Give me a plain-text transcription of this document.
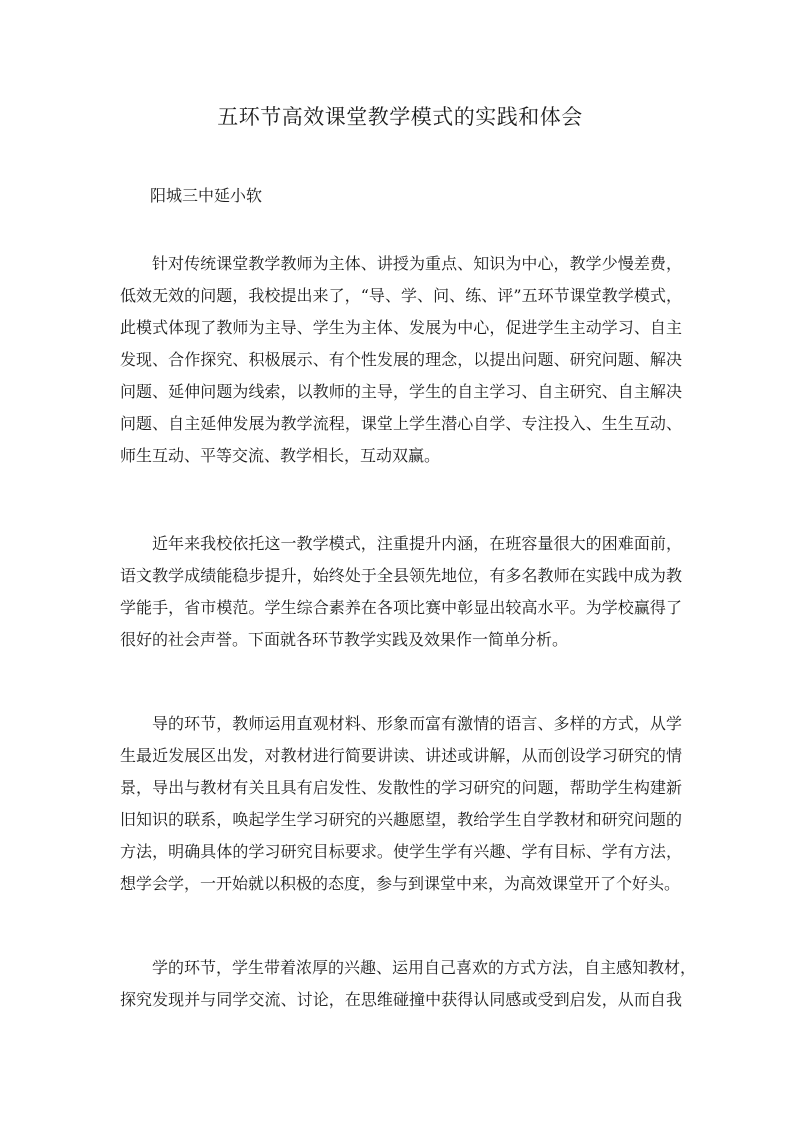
五环节高效课堂教学模式的实践和体会
阳城三中延小软
针对传统课堂教学教师为主体、讲授为重点、知识为中心，教学少慢差费，
低效无效的问题，我校提出来了，“导、学、问、练、评”五环节课堂教学模式，
此模式体现了教师为主导、学生为主体、发展为中心，促进学生主动学习、自主
发现、合作探究、积极展示、有个性发展的理念，以提出问题、研究问题、解决
问题、延伸问题为线索，以教师的主导，学生的自主学习、自主研究、自主解决
问题、自主延伸发展为教学流程，课堂上学生潜心自学、专注投入、生生互动、
师生互动、平等交流、教学相长，互动双赢。
近年来我校依托这一教学模式，注重提升内涵，在班容量很大的困难面前，
语文教学成绩能稳步提升，始终处于全县领先地位，有多名教师在实践中成为教
学能手，省市模范。学生综合素养在各项比赛中彰显出较高水平。为学校赢得了
很好的社会声誉。下面就各环节教学实践及效果作一简单分析。
导的环节，教师运用直观材料、形象而富有激情的语言、多样的方式，从学
生最近发展区出发，对教材进行简要讲读、讲述或讲解，从而创设学习研究的情
景，导出与教材有关且具有启发性、发散性的学习研究的问题，帮助学生构建新
旧知识的联系，唤起学生学习研究的兴趣愿望，教给学生自学教材和研究问题的
方法，明确具体的学习研究目标要求。使学生学有兴趣、学有目标、学有方法，
想学会学，一开始就以积极的态度，参与到课堂中来，为高效课堂开了个好头。
学的环节，学生带着浓厚的兴趣、运用自己喜欢的方式方法，自主感知教材，
探究发现并与同学交流、讨论，在思维碰撞中获得认同感或受到启发，从而自我
